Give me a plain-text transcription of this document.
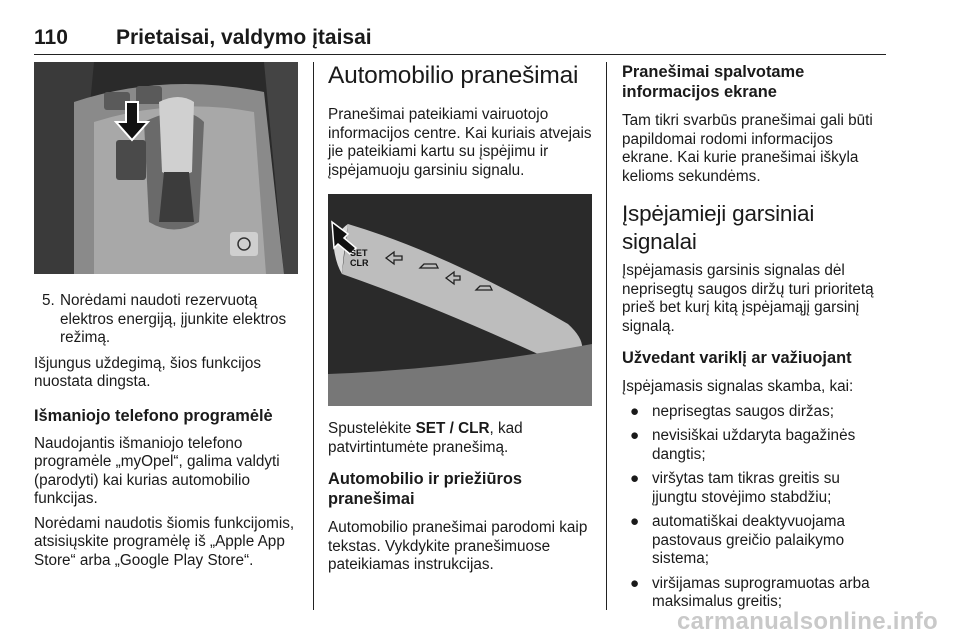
110 Prietaisai, valdymo įtaisai
5. Norėdami naudoti rezervuotą elektros energiją, įjunkite elektros režimą.

Išjungus uždegimą, šios funkcijos nuostata dingsta.

Išmaniojo telefono programėlė

Naudojantis išmaniojo telefono programėle „myOpel“, galima valdyti (parodyti) kai kurias automobilio funkcijas.

Norėdami naudotis šiomis funkcijomis, atsisiųskite programėlę iš „Apple App Store“ arba „Google Play Store“.

Automobilio pranešimai

Pranešimai pateikiami vairuotojo informacijos centre. Kai kuriais atvejais jie pateikiami kartu su įspėjimu ir įspėjamuoju garsiniu signalu.

SET
CLR

Spustelėkite SET / CLR, kad patvirtintumėte pranešimą.

Automobilio ir priežiūros pranešimai

Automobilio pranešimai parodomi kaip tekstas. Vykdykite pranešimuose pateikiamas instrukcijas.

Pranešimai spalvotame informacijos ekrane

Tam tikri svarbūs pranešimai gali būti papildomai rodomi informacijos ekrane. Kai kurie pranešimai iškyla kelioms sekundėms.

Įspėjamieji garsiniai signalai

Įspėjamasis garsinis signalas dėl neprisegtų saugos diržų turi prioritetą prieš bet kurį kitą įspėjamąjį garsinį signalą.

Užvedant variklį ar važiuojant

Įspėjamasis signalas skamba, kai:

● neprisegtas saugos diržas;
● nevisiškai uždaryta bagažinės dangtis;
● viršytas tam tikras greitis su įjungtu stovėjimo stabdžiu;
● automatiškai deaktyvuojama pastovaus greičio palaikymo sistema;
● viršijamas suprogramuotas arba maksimalus greitis;
carmanualsonline.info
